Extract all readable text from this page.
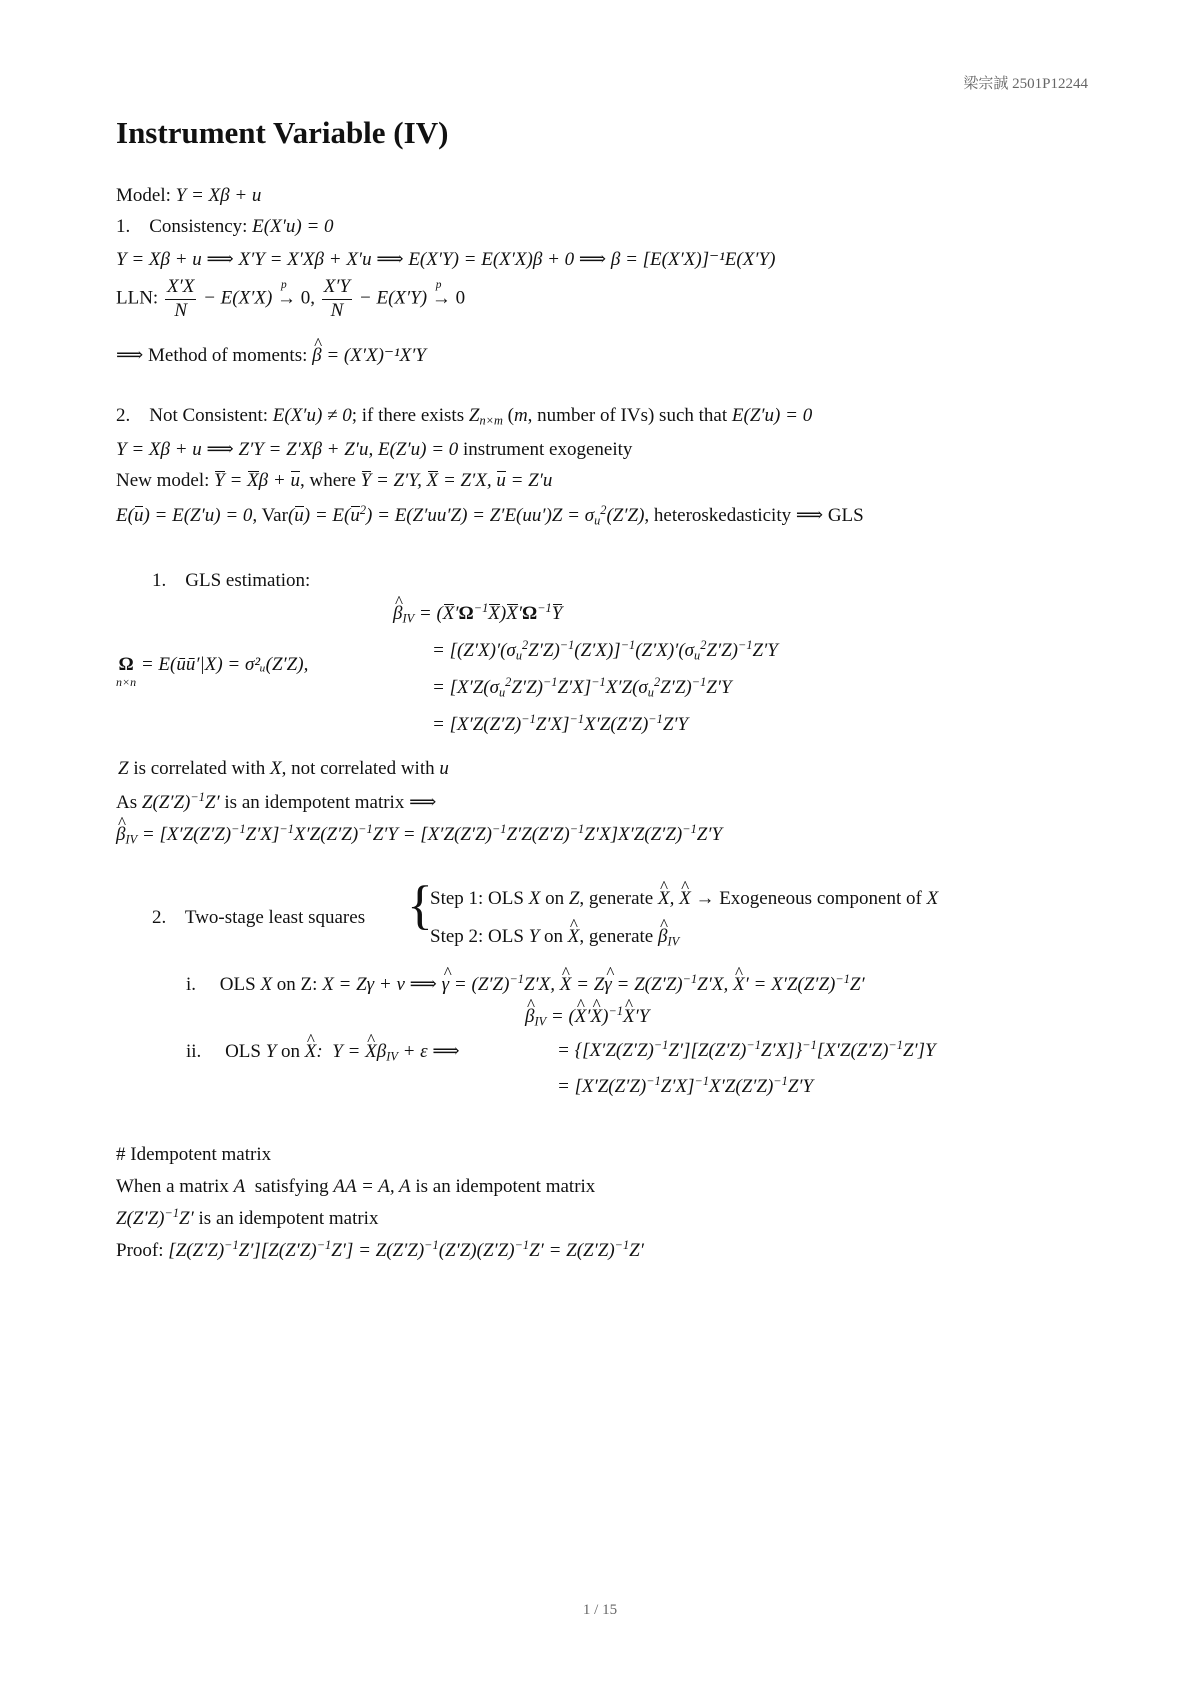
梁宗誠 2501P12244
Instrument Variable (IV)
Model: Y = Xβ + u
1. Consistency: E(X′u) = 0
Y = Xβ + u ⟹ X′Y = X′Xβ + X′u ⟹ E(X′Y) = E(X′X)β + 0 ⟹ β = [E(X′X)]⁻¹E(X′Y)
LLN: $\frac{X'X}{N} - E(X'X)$
p
→ 0, $\frac{X'Y}{N} - E(X'Y)$
p
→ 0
⟹ Method of moments: ^ β = (X′X)⁻¹X′Y
2. Not Consistent: E(X′u) ≠ 0; if there exists $Z_{n\times m}$ (m, number of IVs) such that E(Z′u) = 0
Y = Xβ + u ⟹ Z′Y = Z′Xβ + Z′u, E(Z′u) = 0 instrument exogeneity
New model: Y = Xβ + u, where Y = Z′Y, X = Z′X, u = Z′u
E(u) = E(Z′u) = 0, $Var(u) = E(u^2) = E(Z'uu'Z) = Z'E(uu')Z = \sigma_u^2(Z'Z)$, heteroskedasticity ⟹ GLS
1. GLS estimation:
^ $\beta_{IV} = (X'\Omega^{-1}X)X'\Omega^{-1}Y$
= $[(Z'X)'(\sigma_u^2Z'Z)^{-1}(Z'X)]^{-1}(Z'X)'(\sigma_u^2Z'Z)^{-1}Z'Y$
Ω
n×n
= E(ūū′|X) = σ²ᵤ(Z′Z),
= $[X'Z(\sigma_u^2Z'Z)^{-1}Z'X]^{-1}X'Z(\sigma_u^2Z'Z)^{-1}Z'Y$
= $[X'Z(Z'Z)^{-1}Z'X]^{-1}X'Z(Z'Z)^{-1}Z'Y$
Z is correlated with X, not correlated with u
As $Z(Z'Z)^{-1}Z'$ is an idempotent matrix ⟹
^ $\beta_{IV} = [X'Z(Z'Z)^{-1}Z'X]^{-1}X'Z(Z'Z)^{-1}Z'Y = [X'Z(Z'Z)^{-1}Z'Z(Z'Z)^{-1}Z'X]X'Z(Z'Z)^{-1}Z'Y$
2. Two-stage least squares {
Step 1: OLS X on Z, generate ^ X, ^ X → Exogeneous component of X
Step 2: OLS Y on ^ X, generate ^ $\beta_{IV}$
i. OLS X on Z: X = Zγ + v ⟹ ^ $\gamma = (Z'Z)^{-1}Z'X$, ^ X = Z^ $\gamma = Z(Z'Z)^{-1}Z'X$, ^ $X' = X'Z(Z'Z)^{-1}Z'$
^ $\beta_{IV}$ = (^ X′^ X)$^{-1}$^ X′Y
ii. OLS Y on ^ X:  Y = ^ $X\beta_{IV} + \varepsilon$ ⟹	= $\{[X'Z(Z'Z)^{-1}Z'][Z(Z'Z)^{-1}Z'X]\}^{-1}[X'Z(Z'Z)^{-1}Z']Y$
= $[X'Z(Z'Z)^{-1}Z'X]^{-1}X'Z(Z'Z)^{-1}Z'Y$
# Idempotent matrix
When a matrix A  satisfying AA = A, A is an idempotent matrix
$Z(Z'Z)^{-1}Z'$ is an idempotent matrix
Proof: $[Z(Z'Z)^{-1}Z'][Z(Z'Z)^{-1}Z'] = Z(Z'Z)^{-1}(Z'Z)(Z'Z)^{-1}Z' = Z(Z'Z)^{-1}Z'$
1 / 15
